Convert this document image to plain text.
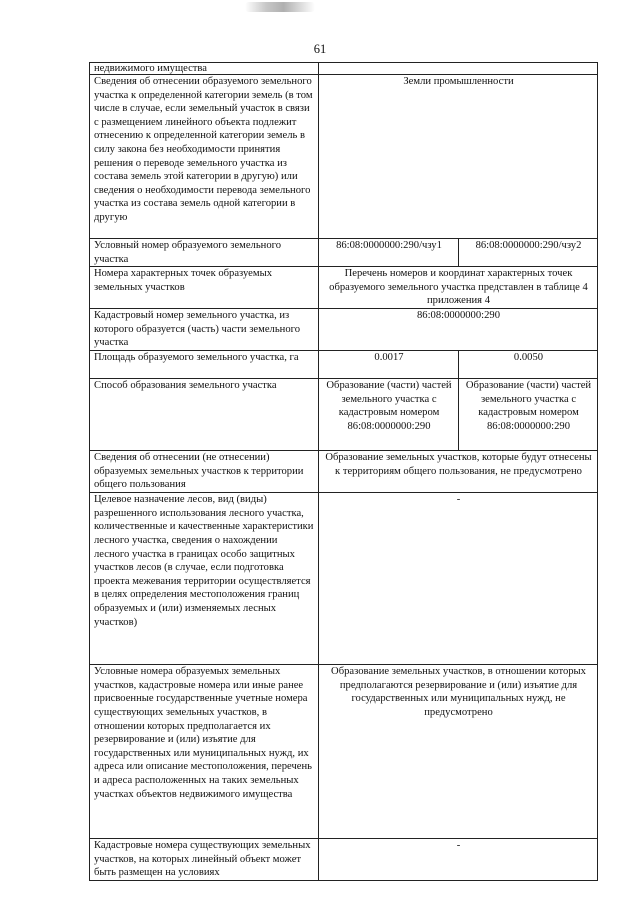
61
недвижимого имущества		
Сведения об отнесении образуемого земельного участка к определенной категории земель (в том числе в случае, если земельный участок в связи с размещением линейного объекта подлежит отнесению к определенной категории земель в силу закона без необходимости принятия решения о переводе земельного участка из состава земель этой категории в другую) или сведения о необходимости перевода земельного участка из состава земель одной категории в другую	Земли промышленности	
Условный номер образуемого земельного участка	86:08:0000000:290/чзу1	86:08:0000000:290/чзу2
Номера характерных точек образуемых земельных участков	Перечень номеров и координат характерных точек образуемого земельного участка представлен в таблице 4 приложения 4	
Кадастровый номер земельного участка, из которого образуется (часть) части земельного участка	86:08:0000000:290	
Площадь образуемого земельного участка, га	0.0017	0.0050
Способ образования земельного участка	Образование (части) частей земельного участка с кадастровым номером 86:08:0000000:290	Образование (части) частей земельного участка с кадастровым номером 86:08:0000000:290
Сведения об отнесении (не отнесении) образуемых земельных участков к территории общего пользования	Образование земельных участков, которые будут отнесены к территориям общего пользования, не предусмотрено	
Целевое назначение лесов, вид (виды) разрешенного использования лесного участка, количественные и качественные характеристики лесного участка, сведения о нахождении лесного участка в границах особо защитных участков лесов (в случае, если подготовка проекта межевания территории осуществляется в целях определения местоположения границ образуемых и (или) изменяемых лесных участков)	-	
Условные номера образуемых земельных участков, кадастровые номера или иные ранее присвоенные государственные учетные номера существующих земельных участков, в отношении которых предполагается их резервирование и (или) изъятие для государственных или муниципальных нужд, их адреса или описание местоположения, перечень и адреса расположенных на таких земельных участках объектов недвижимого имущества	Образование земельных участков, в отношении которых предполагаются резервирование и (или) изъятие для государственных или муниципальных нужд, не предусмотрено	
Кадастровые номера существующих земельных участков, на которых линейный объект может быть размещен на условиях	-	
